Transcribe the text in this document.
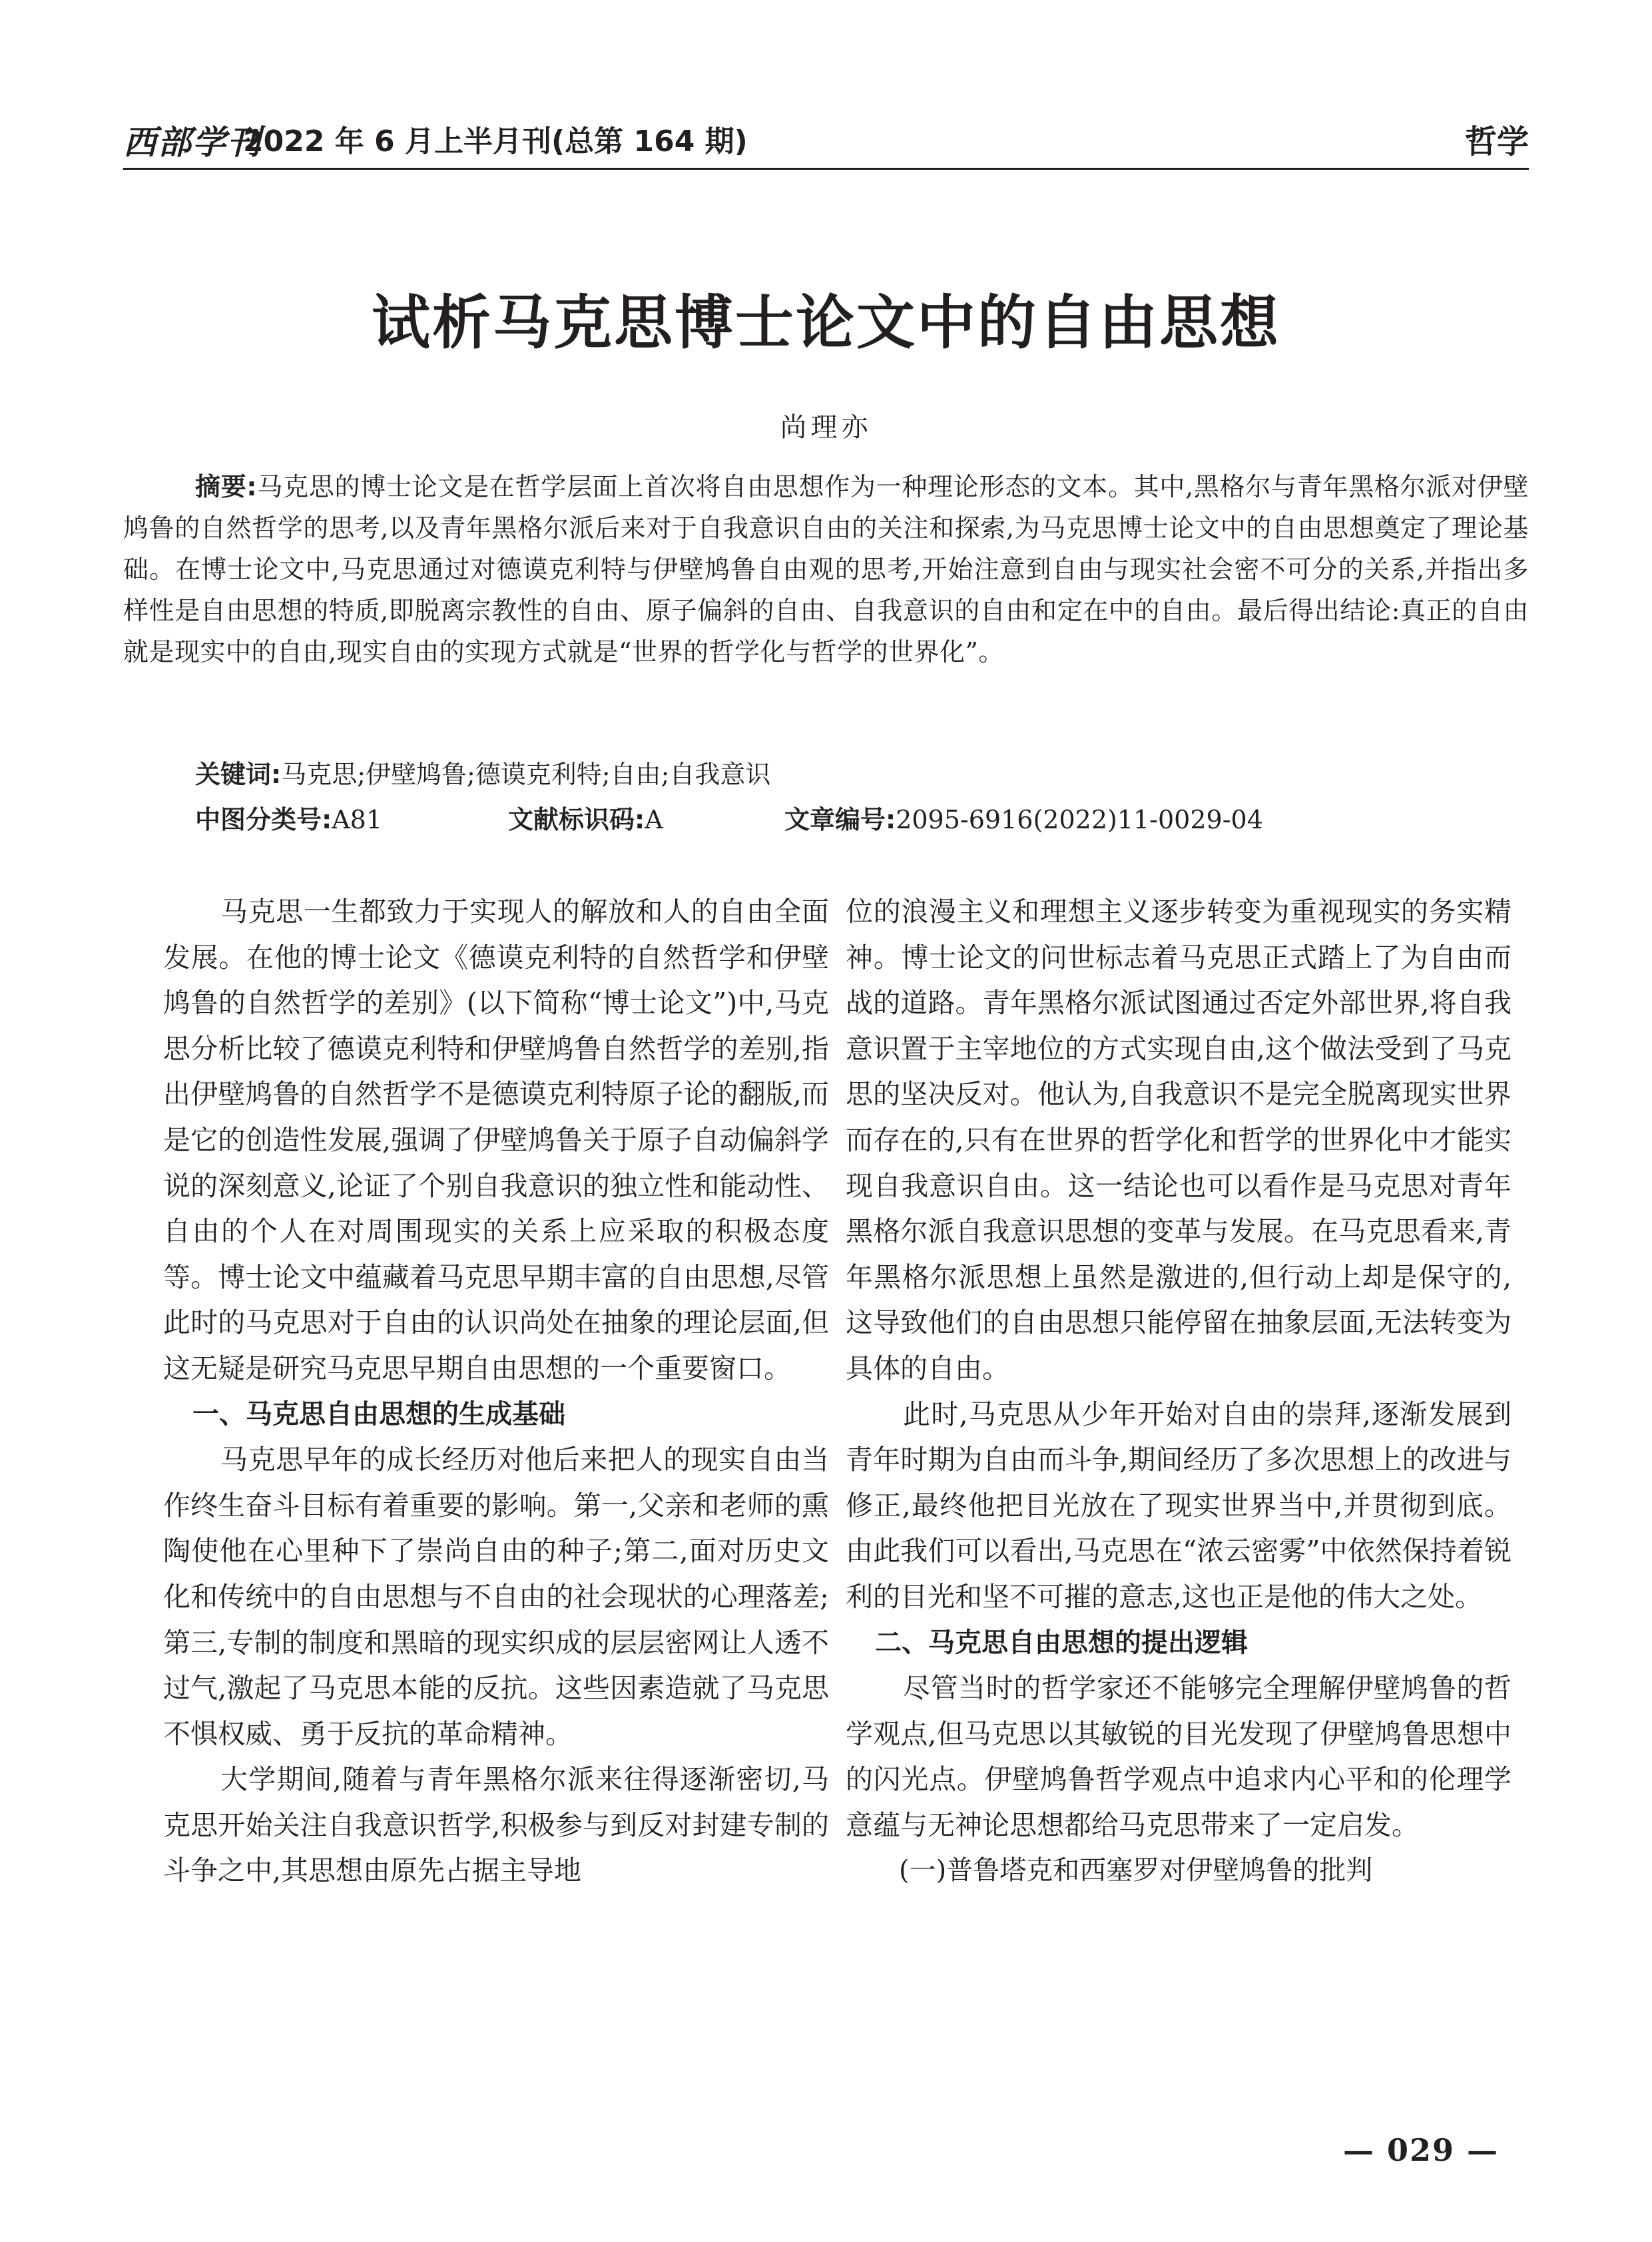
西部学刊
2022 年 6 月上半月刊(总第 164 期)	哲学
试析马克思博士论文中的自由思想
尚理亦
摘要:马克思的博士论文是在哲学层面上首次将自由思想作为一种理论形态的文本。其中,黑格尔与青年黑格尔派对伊壁鸠鲁的自然哲学的思考,以及青年黑格尔派后来对于自我意识自由的关注和探索,为马克思博士论文中的自由思想奠定了理论基础。在博士论文中,马克思通过对德谟克利特与伊壁鸠鲁自由观的思考,开始注意到自由与现实社会密不可分的关系,并指出多样性是自由思想的特质,即脱离宗教性的自由、原子偏斜的自由、自我意识的自由和定在中的自由。最后得出结论:真正的自由就是现实中的自由,现实自由的实现方式就是“世界的哲学化与哲学的世界化”。
关键词:马克思;伊壁鸠鲁;德谟克利特;自由;自我意识
中图分类号:A81	文献标识码:A	文章编号:2095-6916(2022)11-0029-04

马克思一生都致力于实现人的解放和人的自由全面发展。在他的博士论文《德谟克利特的自然哲学和伊壁鸠鲁的自然哲学的差别》(以下简称“博士论文”)中,马克思分析比较了德谟克利特和伊壁鸠鲁自然哲学的差别,指出伊壁鸠鲁的自然哲学不是德谟克利特原子论的翻版,而是它的创造性发展,强调了伊壁鸠鲁关于原子自动偏斜学说的深刻意义,论证了个别自我意识的独立性和能动性、自由的个人在对周围现实的关系上应采取的积极态度等。博士论文中蕴藏着马克思早期丰富的自由思想,尽管此时的马克思对于自由的认识尚处在抽象的理论层面,但这无疑是研究马克思早期自由思想的一个重要窗口。

一、马克思自由思想的生成基础

马克思早年的成长经历对他后来把人的现实自由当作终生奋斗目标有着重要的影响。第一,父亲和老师的熏陶使他在心里种下了崇尚自由的种子;第二,面对历史文化和传统中的自由思想与不自由的社会现状的心理落差;第三,专制的制度和黑暗的现实织成的层层密网让人透不过气,激起了马克思本能的反抗。这些因素造就了马克思不惧权威、勇于反抗的革命精神。

大学期间,随着与青年黑格尔派来往得逐渐密切,马克思开始关注自我意识哲学,积极参与到反对封建专制的斗争之中,其思想由原先占据主导地

位的浪漫主义和理想主义逐步转变为重视现实的务实精神。博士论文的问世标志着马克思正式踏上了为自由而战的道路。青年黑格尔派试图通过否定外部世界,将自我意识置于主宰地位的方式实现自由,这个做法受到了马克思的坚决反对。他认为,自我意识不是完全脱离现实世界而存在的,只有在世界的哲学化和哲学的世界化中才能实现自我意识自由。这一结论也可以看作是马克思对青年黑格尔派自我意识思想的变革与发展。在马克思看来,青年黑格尔派思想上虽然是激进的,但行动上却是保守的,这导致他们的自由思想只能停留在抽象层面,无法转变为具体的自由。

此时,马克思从少年开始对自由的崇拜,逐渐发展到青年时期为自由而斗争,期间经历了多次思想上的改进与修正,最终他把目光放在了现实世界当中,并贯彻到底。由此我们可以看出,马克思在“浓云密雾”中依然保持着锐利的目光和坚不可摧的意志,这也正是他的伟大之处。

二、马克思自由思想的提出逻辑

尽管当时的哲学家还不能够完全理解伊壁鸠鲁的哲学观点,但马克思以其敏锐的目光发现了伊壁鸠鲁思想中的闪光点。伊壁鸠鲁哲学观点中追求内心平和的伦理学意蕴与无神论思想都给马克思带来了一定启发。

(一)普鲁塔克和西塞罗对伊壁鸠鲁的批判
— 029 —
